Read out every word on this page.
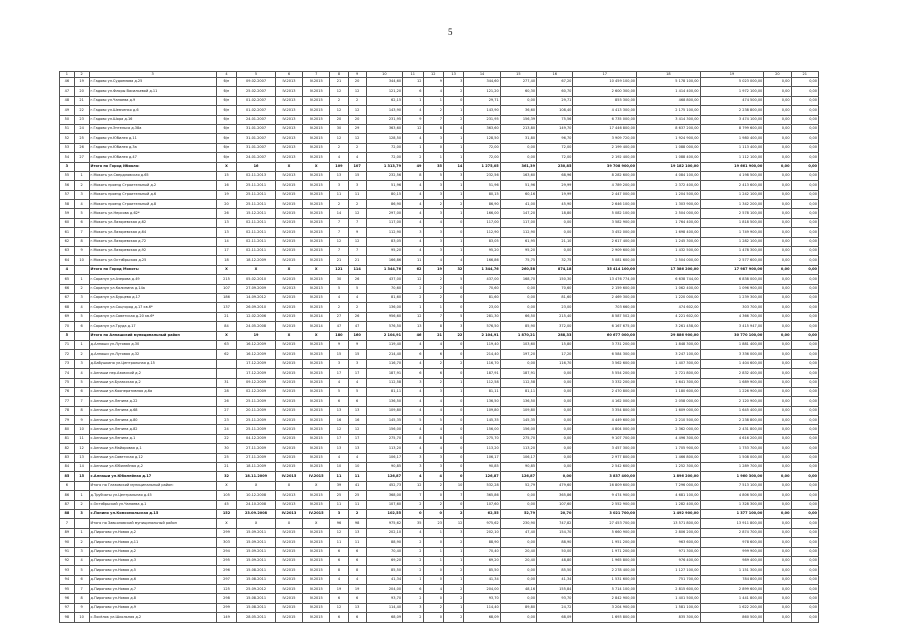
5
1	2	3	4	5	6	7	8	9	10	11	12	13	14	15	16	17	18	19	20	21
46	19	г.Гадово ул.Судоемова д.25	б/н	09.02.2007	IV.2013	IV.2015	21	20	344,60	12	9	3	344,60	277,40	67,20	10 459 100,00	5 178 100,00	5 023 000,00	0,00	0,00
47	20	г.Гадово ул.Флоры Васильевой д.11	б/н	25.02.2007	IV.2013	IV.2015	12	12	121,20	6	4	2	121,20	60,30	60,70	2 600 300,00	1 414 400,00	1 972 100,00	0,00	0,00
48	21	г.Гадово ул.Чапаева д.9	б/н	01.02.2007	IV.2013	IV.2015	2	2	62,15	1	1	0	29,71	0,00	29,71	855 300,00	468 800,00	474 500,00	0,00	0,00
49	22	г.Гадово ул.Шевченко д.6	б/н	01.02.2007	IV.2013	IV.2015	12	12	143,90	4	2	1	143,90	36,60	108,40	4 413 300,00	2 175 100,00	2 238 800,00	0,00	0,00
50	23	г.Гадово ул.Шора д.16	б/н	24.01.2007	IV.2013	IV.2015	20	20	231,95	9	7	2	231,95	156,39	75,56	6 735 000,00	3 414 300,00	3 474 100,00	0,00	0,00
51	24	г.Гадово ул.Энгельса д.38а	б/н	31.01.2007	IV.2013	IV.2015	30	29	363,60	12	8	4	363,60	213,80	149,70	17 446 800,00	8 637 200,00	8 799 600,00	0,00	0,00
52	25	г.Гадово ул.Юбилея д.11	б/н	31.01.2007	IV.2013	IV.2015	12	12	128,50	4	3	1	128,50	31,80	96,70	3 909 720,00	1 924 900,00	1 980 400,00	0,00	0,00
53	26	г.Гадово ул.Юбилея д.3а	б/н	31.01.2007	IV.2013	IV.2015	2	2	72,00	1	0	1	72,00	0,00	72,00	2 199 400,00	1 088 000,00	1 113 400,00	0,00	0,00
54	27	г.Гадово ул.Юбилея д.47	б/н	24.01.2007	IV.2013	IV.2015	4	4	72,00	2	1	1	72,00	0,00	72,00	2 192 400,00	1 088 400,00	1 112 100,00	0,00	0,00
3		Итого по Город Ибиала:	X	16	X	X	109	107	1 313,79	49	35	14	1 275,05	361,39	230,85	39 708 900,00	19 182 100,00	19 661 900,00	0,00	0,00
55	1	г.Мокоть ул.Свердловская д.65	15	02.11.2013	IV.2013	IV.2015	13	15	232,56	8	5	3	232,56	163,60	68,96	8 282 600,00	4 084 100,00	4 198 500,00	0,00	0,00
56	2	г.Мокоть проезд Строительный д.2	16	25.11.2011	IV.2015	IV.2015	3	3	51,96	4	3	1	51,96	51,96	29,99	4 789 200,00	2 372 400,00	2 413 600,00	0,00	0,00
57	3	г.Мокоть проезд Строительный д.6	19	25.11.2011	IV.2015	IV.2015	11	11	80,15	4	3	1	80,15	60,16	19,99	2 447 000,00	1 204 500,00	1 242 100,00	0,00	0,00
58	4	г.Мокоть проезд Строительный д.8	20	25.11.2011	IV.2015	IV.2015	2	2	86,90	4	2	2	86,90	41,00	45,90	2 646 100,00	1 303 900,00	1 342 200,00	0,00	0,00
59	5	г.Мокоть ул.Нерсова д.62*	26	15.12.2011	IV.2015	IV.2015	14	12	297,00	4	3	1	166,00	147,20	18,80	5 082 100,00	2 504 000,00	2 578 100,00	0,00	0,00
60	6	г.Мокоть ул.Лазоревская д.62	13	02.11.2011	IV.2015	IV.2015	7	7	117,00	4	4	0	117,00	117,00	0,00	3 582 900,00	1 764 400,00	1 818 500,00	0,00	0,00
61	7	г.Мокоть ул.Лазоревская д.64	13	02.11.2011	IV.2015	IV.2015	7	9	112,90	3	3	0	112,90	112,90	0,00	3 452 000,00	1 698 400,00	1 749 900,00	0,00	0,00
62	8	г.Мокоть ул.Лазоревская д.72	14	02.11.2011	IV.2015	IV.2015	12	12	83,05	4	3	1	83,05	61,95	21,10	2 617 400,00	1 245 300,00	1 282 100,00	0,00	0,00
63	9	г.Мокоть ул.Лазоревская д.92	17	02.11.2011	IV.2015	IV.2015	7	7	95,20	4	3	1	95,20	95,20	0,00	2 909 600,00	1 432 500,00	1 478 300,00	0,00	0,00
64	10	г.Мокоть ул.Октябрьская д.25	18	18.12.2009	IV.2015	IV.2015	21	21	166,86	11	4	4	166,86	75,75	32,75	5 081 600,00	2 504 000,00	2 577 600,00	0,00	0,00
4		Итого по Город Мокоть:	X	X	X	X	121	114	1 344,76	62	19	32	1 344,76	260,58	874,18	35 414 100,00	17 386 200,00	17 987 900,00	0,00	0,00
65	1	г.Сарапул ул.Азерова д.49	215	05.02.2010	IV.2015	IV.2015	30	26	437,00	12	2	5	437,00	168,70	150,30	13 476 774,00	6 638 744,00	6 838 000,00	0,00	0,00
66	2	г.Сарапул ул.Калинина д.14а	107	27.09.2009	IV.2013	IV.2013	5	5	70,60	2	2	0	70,60	0,00	70,60	2 159 600,00	1 062 400,00	1 096 900,00	0,00	0,00
67	3	г.Сарапул ул.Бурцева д.17	186	14.09.2012	IV.2015	IV.2015	4	4	81,60	2	2	0	81,60	0,00	81,60	2 469 300,00	1 220 000,00	1 239 300,00	0,00	0,00
68	4	г.Сарапул ул.Соцгород д.17 кв.6*	137	26.09.2010	IV.2015	IV.2015	2	2	136,00	1	1	0	23,00	0,00	23,00	703 660,00	474 602,00	303 700,00	0,00	0,00
69	5	г.Сарапул ул.Советская д.20 кв.6*	21	12.02.2006	IV.2015	IV.2014	27	26	956,60	12	7	5	281,30	66,50	215,40	8 587 502,00	4 221 602,00	4 366 700,00	0,00	0,00
70	6	г.Сарапул ул.Труда д.17	84	24.05.2008	IV.2015	IV.2014	47	47	576,50	13	8	3	576,50	85,90	372,00	6 167 675,00	3 261 458,00	3 415 947,00	0,00	0,00
5		Итого по Алнашский муниципальный район	X	19	X	X	180	160	2 104,91	46	21	22	2 104,91	1 870,21	288,33	60 677 000,00	29 886 900,00	30 770 100,00	0,00	0,00
71	1	д.Алнаши ул.Луговая д.30	63	16.12.2009	IV.2015	IV.2015	9	9	119,40	4	4	0	119,40	103,60	15,80	3 731 200,00	1 848 300,00	1 881 400,00	0,00	0,00
72	2	д.Алнаши ул.Луговая д.32	62	16.12.2009	IV.2015	IV.2015	15	15	214,40	6	6	0	214,40	197,20	17,20	6 584 300,00	3 247 100,00	3 336 000,00	0,00	0,00
73	3	д.Бабушкино ул.Центральная д.15		17.12.2009	IV.2015	IV.2015	3	3	116,70	4	2	2	116,70	0,00	116,70	3 562 600,00	1 407 300,00	1 404 600,00	0,00	0,00
74	4	с.Алнаши пер.Азовский д.2		17.12.2009	IV.2015	IV.2015	17	17	187,91	6	6	0	187,91	187,91	0,00	5 554 200,00	2 721 800,00	2 832 400,00	0,00	0,00
75	5	с.Алнаши ул.Булакская д.2	31	09.12.2009	IV.2015	IV.2015	4	4	112,58	3	2	1	112,58	112,58	0,00	3 332 200,00	1 641 300,00	1 689 900,00	0,00	0,00
76	6	с.Алнаши ул.Кооперативная д.6а	28	02.12.2009	IV.2015	IV.2015	5	5	81,11	4	3	1	81,11	81,11	0,00	2 470 800,00	1 180 600,00	1 226 900,00	0,00	0,00
77	7	с.Алнаши ул.Ленина д.22	26	25.11.2009	IV.2015	IV.2015	6	6	136,50	4	4	0	136,50	136,50	0,00	4 162 000,00	2 058 000,00	2 120 900,00	0,00	0,00
78	8	с.Алнаши ул.Ленина д.68	27	20.11.2009	IV.2015	IV.2015	13	13	109,80	4	4	0	109,80	109,80	0,00	3 354 800,00	1 609 000,00	1 645 400,00	0,00	0,00
79	9	с.Алнаши ул.Ленина д.80	23	25.11.2009	IV.2015	IV.2015	16	16	145,35	5	5	0	145,35	145,35	0,00	4 449 600,00	2 210 500,00	2 238 800,00	0,00	0,00
80	10	с.Алнаши ул.Ленина д.82	24	25.11.2009	IV.2015	IV.2015	12	12	156,00	4	4	0	156,00	156,00	0,00	4 804 000,00	2 362 000,00	2 431 800,00	0,00	0,00
81	11	с.Алнаши ул.Ленина д.1	22	04.12.2009	IV.2015	IV.2015	17	17	275,70	8	8	0	275,70	275,70	0,00	9 107 700,00	4 496 300,00	4 616 200,00	0,00	0,00
82	12	с.Алнаши ул.Майоровая д.1	30	27.11.2009	IV.2015	IV.2015	13	13	113,20	4	4	0	113,20	113,20	0,00	3 457 300,00	1 705 900,00	1 753 700,00	0,00	0,00
83	13	с.Алнаши ул.Советская д.12	25	27.11.2009	IV.2015	IV.2015	4	4	106,17	3	3	0	106,17	106,17	0,00	2 977 800,00	1 466 800,00	1 508 000,00	0,00	0,00
84	14	с.Алнаши ул.Юбилейная д.2	21	18.11.2009	IV.2015	IV.2015	10	10	90,85	3	3	0	90,85	90,85	0,00	2 542 600,00	1 252 300,00	1 289 700,00	0,00	0,00
85	15	с.Алнаши ул.Юбилейная д.17	32	18.11.2009	IV.2015	IV.2015	11	11	126,87	4	4	0	126,87	126,87	0,00	3 837 400,00	1 896 200,00	1 960 300,00	0,00	0,00
6		Итого по Глазовский муниципальный район:	X	X	X	X	39	41	452,73	12	2	10	532,28	52,79	479,60	16 809 600,00	7 296 000,00	7 513 100,00	0,00	0,00
86	1	д.Трубчаты ул.Центральная д.45	105	10.12.2008	IV.2013	IV.2015	25	25	368,00	7	0	7	365,86	0,00	365,86	9 474 900,00	4 681 100,00	4 806 500,00	0,00	0,00
87	2	с.Октябрьский ул.Чапаева д.1	45	24.10.2008	IV.2013	IV.2015	11	11	107,60	2	2	0	107,60	0,00	107,60	2 552 900,00	1 282 400,00	1 328 300,00	0,00	0,00
88	3	с.Понино ул.Комсомольская д.15	152	23.09.2008	IV.2013	IV.2015	3	2	102,55	0	0	2	62,55	52,79	20,70	3 021 700,00	1 492 900,00	1 377 100,00	0,00	0,00
7		Итого по Завьяловский муниципальный район	X	X	X	X	96	98	975,62	35	23	12	975,62	230,90	747,82	27 453 700,00	13 571 800,00	13 911 800,00	0,00	0,00
89	1	д.Пирогово ул.Новая д.2	299	15.09.2011	IV.2015	IV.2015	12	13	202,10	4	1	3	202,10	47,40	154,70	5 660 900,00	2 806 200,00	2 874 700,00	0,00	0,00
90	2	д.Пирогово ул.Новая д.11	303	15.09.2011	IV.2015	IV.2015	11	11	88,90	2	0	2	88,90	0,00	88,90	1 951 200,00	963 600,00	978 600,00	0,00	0,00
91	3	д.Пирогово ул.Новая д.2	294	15.09.2011	IV.2015	IV.2015	6	6	70,40	2	1	1	70,40	20,40	50,00	1 971 200,00	971 300,00	999 900,00	0,00	0,00
92	4	д.Пирогово ул.Новая д.3	295	15.09.2011	IV.2015	IV.2015	6	6	69,20	2	1	1	69,20	20,40	48,80	1 965 800,00	976 400,00	989 400,00	0,00	0,00
93	5	д.Пирогово ул.Новая д.5	296	15.08.2011	IV.2015	IV.2015	8	8	85,50	2	0	2	85,50	0,00	85,50	2 278 400,00	1 127 100,00	1 151 300,00	0,00	0,00
94	6	д.Пирогово ул.Новая д.6	297	15.08.2011	IV.2015	IV.2015	4	4	41,34	1	0	1	41,34	0,00	41,34	1 531 600,00	751 700,00	784 800,00	0,00	0,00
95	7	д.Пирогово ул.Новая д.7	125	25.09.2012	IV.2015	IV.2015	19	19	204,00	6	4	2	204,00	48,16	155,84	5 714 100,00	2 815 600,00	2 899 600,00	0,00	0,00
96	8	д.Пирогово ул.Новая д.8	298	15.08.2011	IV.2015	IV.2015	6	6	93,70	2	0	2	93,70	0,00	93,70	2 842 900,00	1 401 500,00	1 441 800,00	0,00	0,00
97	9	д.Пирогово ул.Новая д.9	299	15.08.2011	IV.2015	IV.2015	12	13	114,40	3	2	1	114,40	89,80	24,72	3 204 900,00	1 581 100,00	1 622 200,00	0,00	0,00
98	10	с.Посёлок ул.Школьная д.2	149	28.05.2011	IV.2015	IV.2015	6	6	68,09	2	0	2	68,09	0,00	68,09	1 693 800,00	835 300,00	860 500,00	0,00	0,00
